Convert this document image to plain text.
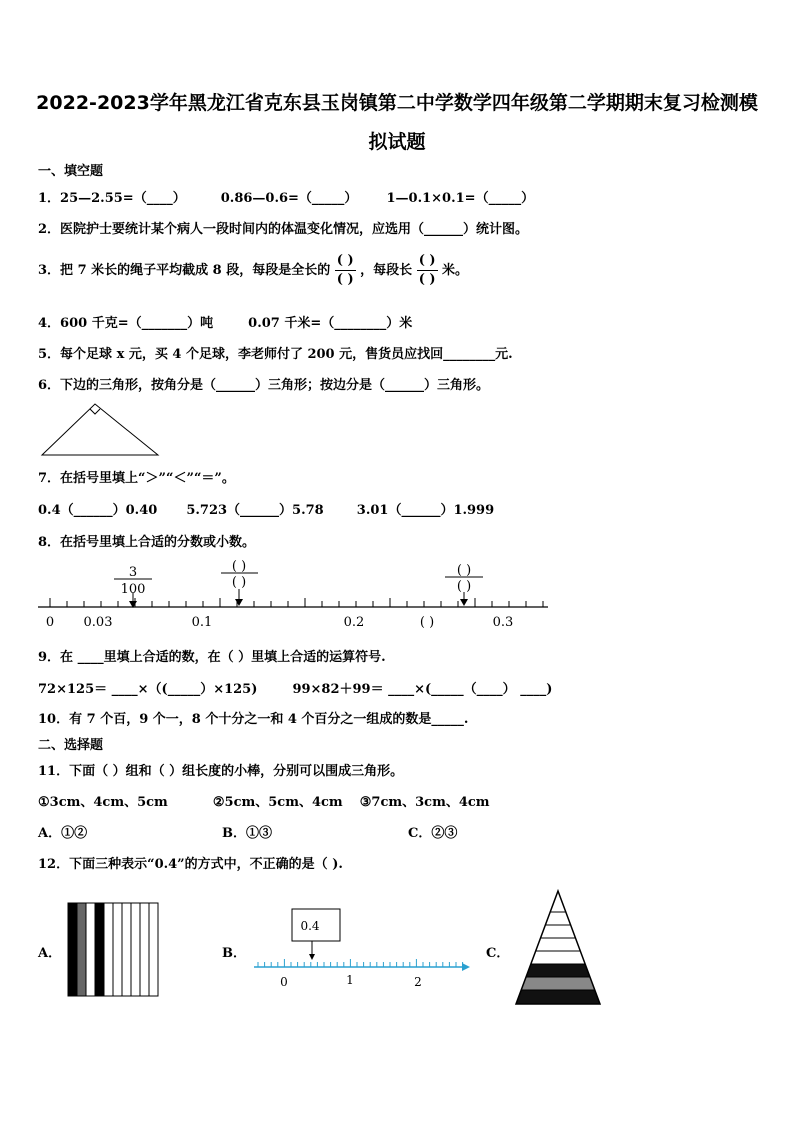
2022-2023学年黑龙江省克东县玉岗镇第二中学数学四年级第二学期期末复习检测模
拟试题
一、填空题
1．25—2.55=（____）	0.86—0.6=（_____） 1—0.1×0.1=（_____）
2．医院护士要统计某个病人一段时间内的体温变化情况，应选用（______）统计图。
3．把 7 米长的绳子平均截成 8 段，每段是全长的 $\frac{( )}{( )}$ ，每段长 $\frac{( )}{( )}$ 米。
4．600 千克=（_______）吨	0.07 千米=（________）米
5．每个足球 x 元，买 4 个足球，李老师付了 200 元，售货员应找回________元.
6．下边的三角形，按角分是（______）三角形；按边分是（______）三角形。
7．在括号里填上“＞”“＜”“＝”。
0.4（______）0.40 5.723（______）5.78	3.01（______）1.999
8．在括号里填上合适的分数或小数。
3
100
( )
( )
( )
( )
0 0.03	0.1	0.2	( )	0.3
9．在 ____里填上合适的数，在（ ）里填上合适的运算符号.
72×125＝ ____×（(_____）×125)	99×82＋99＝ ____×(_____（____） ____)
10．有 7 个百，9 个一，8 个十分之一和 4 个百分之一组成的数是_____.
二、选择题
11．下面（ ）组和（ ）组长度的小棒，分别可以围成三角形。
①3cm、4cm、5cm	②5cm、5cm、4cm ③7cm、3cm、4cm
A．①②	B．①③	C．②③
12．下面三种表示“0.4”的方式中，不正确的是（ ).
A．	B．
0.4
0	1	2
C．
